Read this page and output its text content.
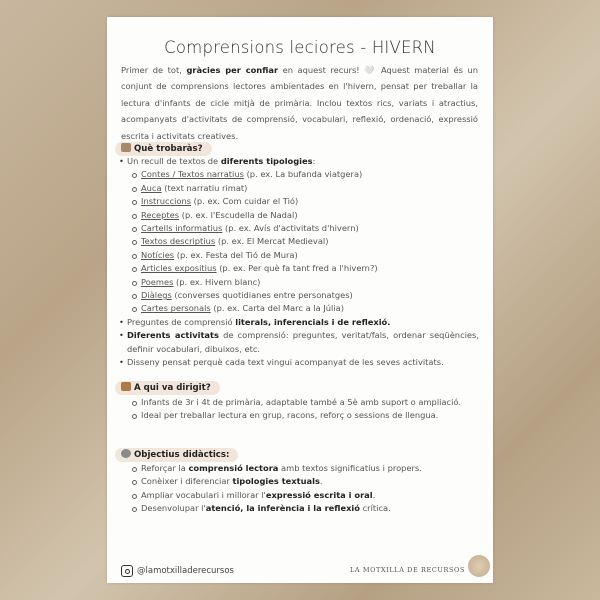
Comprensions leciores - HIVERN
Primer de tot, gràcies per confiar en aquest recurs! 🤍 Aquest material és un conjunt de comprensions lectores ambientades en l'hivern, pensat per treballar la lectura d'infants de cicle mitjà de primària. Inclou textos rics, variats i atractius, acompanyats d'activitats de comprensió, vocabulari, reflexió, ordenació, expressió escrita i activitats creatives.
Què trobaràs?
• Un recull de textos de diferents tipologies:
Contes / Textos narratius (p. ex. La bufanda viatgera)
Auca (text narratiu rimat)
Instruccions (p. ex. Com cuidar el Tió)
Receptes (p. ex. l'Escudella de Nadal)
Cartells informatius (p. ex. Avís d'activitats d'hivern)
Textos descriptius (p. ex. El Mercat Medieval)
Notícies (p. ex. Festa del Tió de Mura)
Articles expositius (p. ex. Per què fa tant fred a l'hivern?)
Poemes (p. ex. Hivern blanc)
Diàlegs (converses quotidianes entre personatges)
Cartes personals (p. ex. Carta del Marc a la Júlia)
• Preguntes de comprensió literals, inferencials i de reflexió.
• Diferents activitats de comprensió: preguntes, veritat/fals, ordenar seqüències, definir vocabulari, dibuixos, etc.
• Disseny pensat perquè cada text vingui acompanyat de les seves activitats.
A qui va dirigit?
Infants de 3r i 4t de primària, adaptable també a 5è amb suport o ampliació.
Ideal per treballar lectura en grup, racons, reforç o sessions de llengua.
Objectius didàctics:
Reforçar la comprensió lectora amb textos significatius i propers.
Conèixer i diferenciar tipologies textuals.
Ampliar vocabulari i millorar l'expressió escrita i oral.
Desenvolupar l'atenció, la inferència i la reflexió crítica.
@lamotxilladerecursos	LA MOTXILLA DE RECURSOS
